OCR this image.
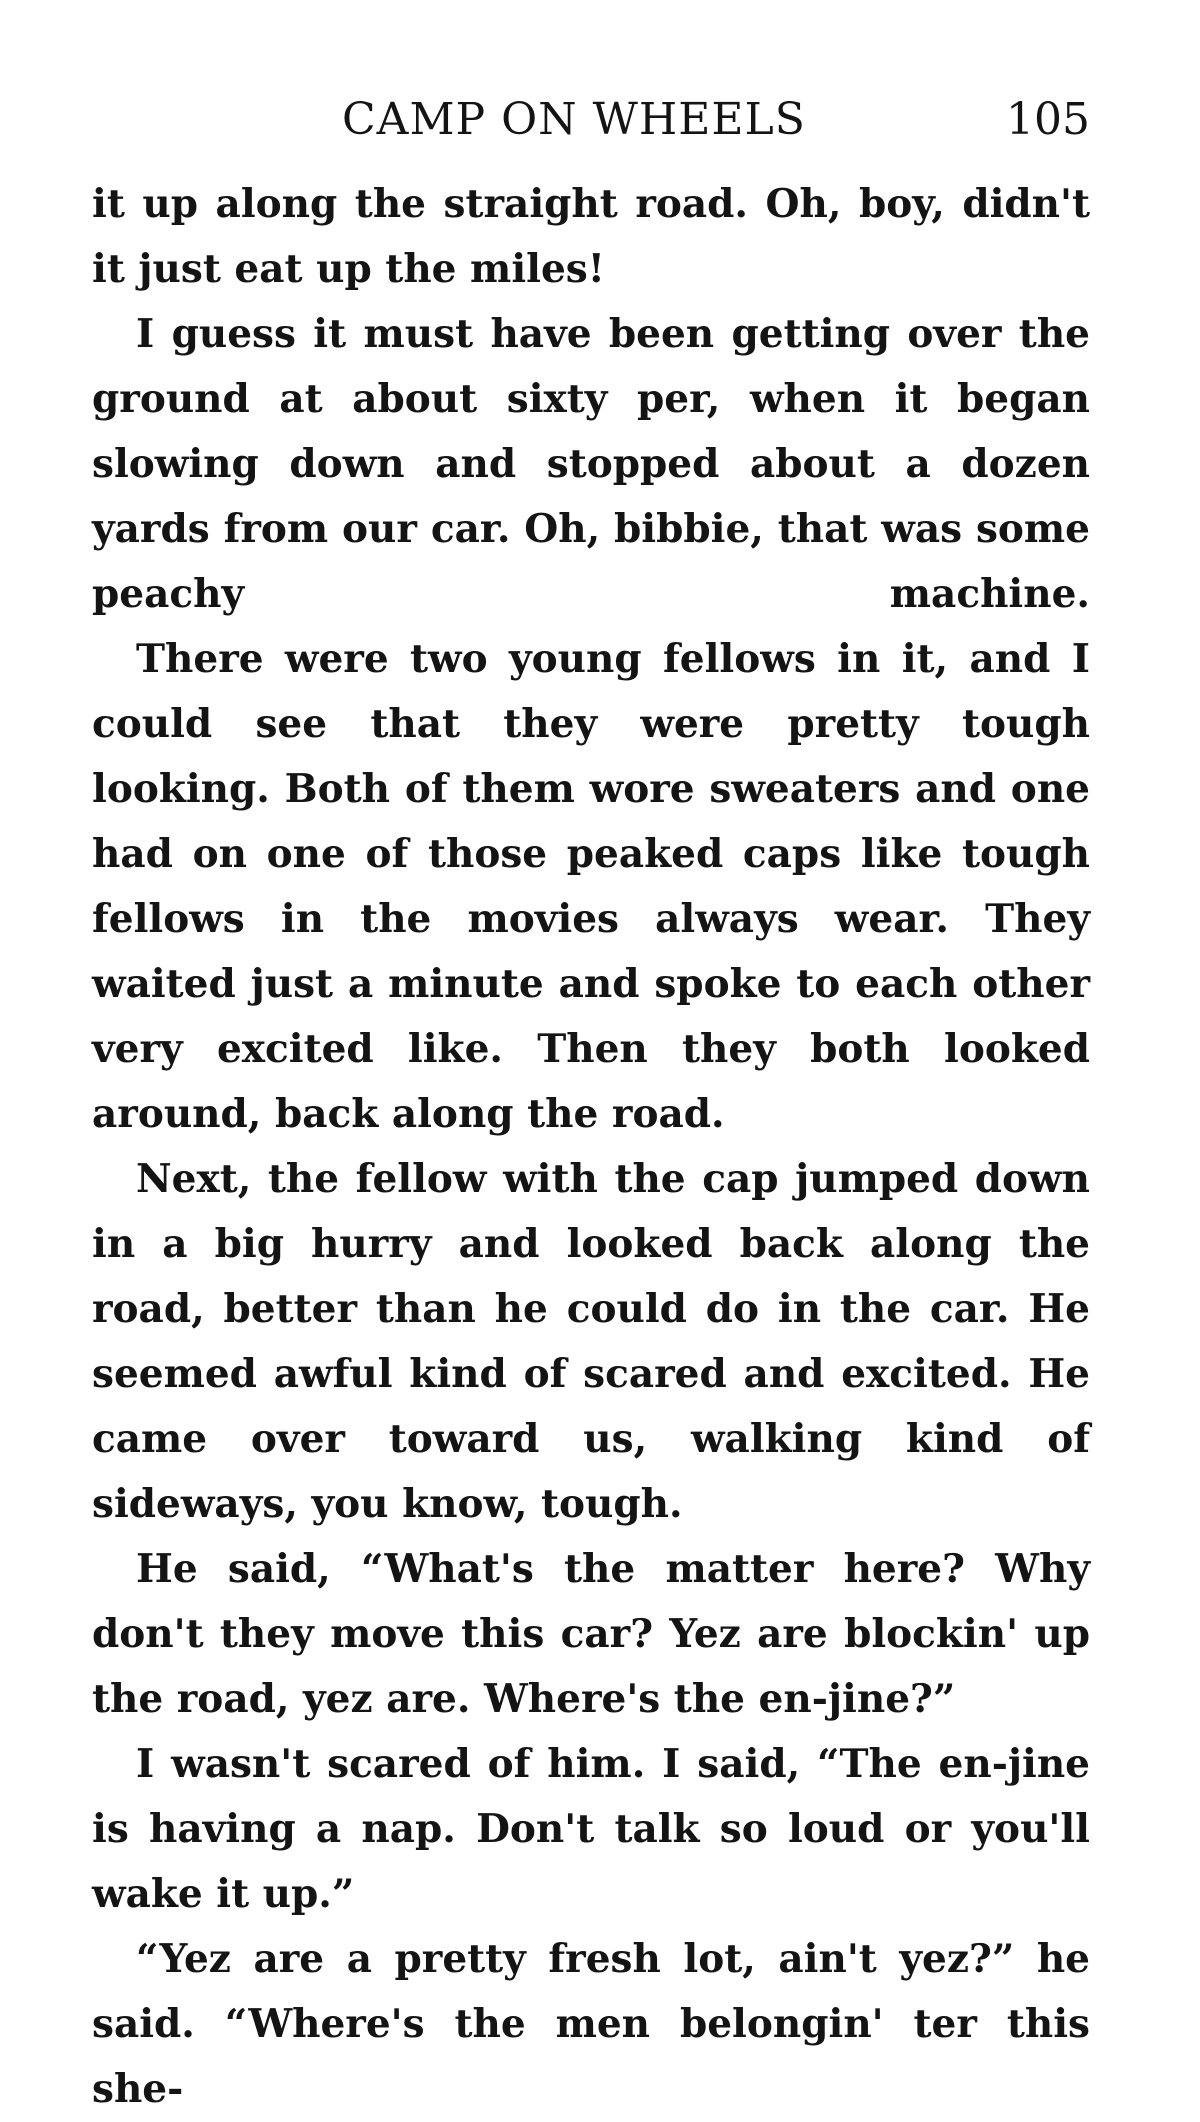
CAMP ON WHEELS	105

it up along the straight road. Oh, boy, didn't it just eat up the miles!

I guess it must have been getting over the ground at about sixty per, when it began slowing down and stopped about a dozen yards from our car. Oh, bibbie, that was some peachy machine.

There were two young fellows in it, and I could see that they were pretty tough looking. Both of them wore sweaters and one had on one of those peaked caps like tough fellows in the movies always wear. They waited just a minute and spoke to each other very excited like. Then they both looked around, back along the road.

Next, the fellow with the cap jumped down in a big hurry and looked back along the road, better than he could do in the car. He seemed awful kind of scared and excited. He came over toward us, walking kind of sideways, you know, tough.

He said, “What's the matter here? Why don't they move this car? Yez are blockin' up the road, yez are. Where's the en-jine?”

I wasn't scared of him. I said, “The en-jine is having a nap. Don't talk so loud or you'll wake it up.”

“Yez are a pretty fresh lot, ain't yez?” he said. “Where's the men belongin' ter this she-
